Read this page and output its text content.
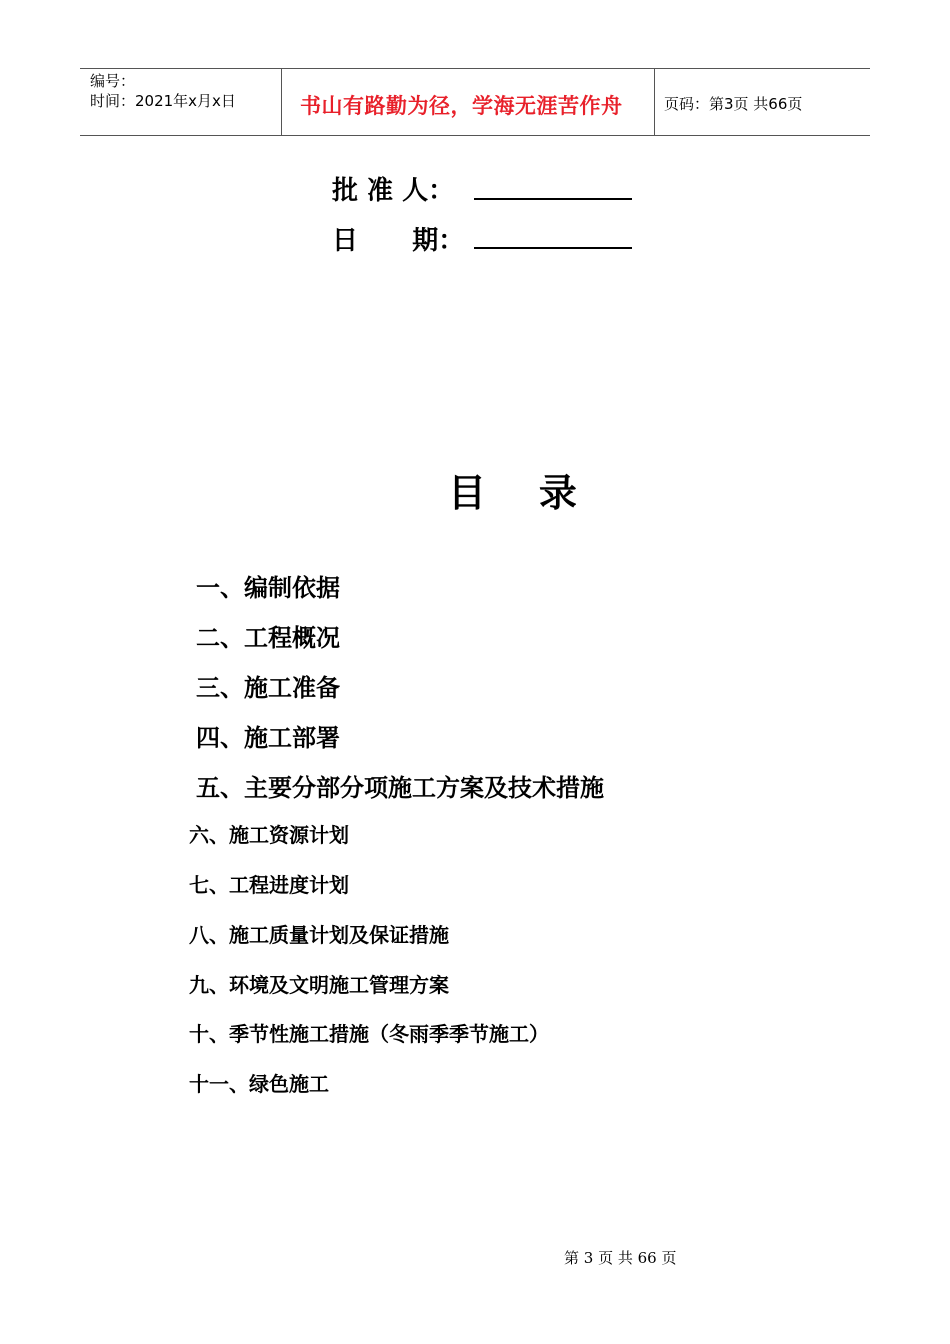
编号：
时间：2021年x月x日	书山有路勤为径，学海无涯苦作舟	页码：第3页 共66页
批 准 人：
日      期：
目    录
一、编制依据
二、工程概况
三、施工准备
四、施工部署
五、主要分部分项施工方案及技术措施
六、施工资源计划
七、工程进度计划
八、施工质量计划及保证措施
九、环境及文明施工管理方案
十、季节性施工措施（冬雨季季节施工）
十一、绿色施工
第 3 页 共 66 页
